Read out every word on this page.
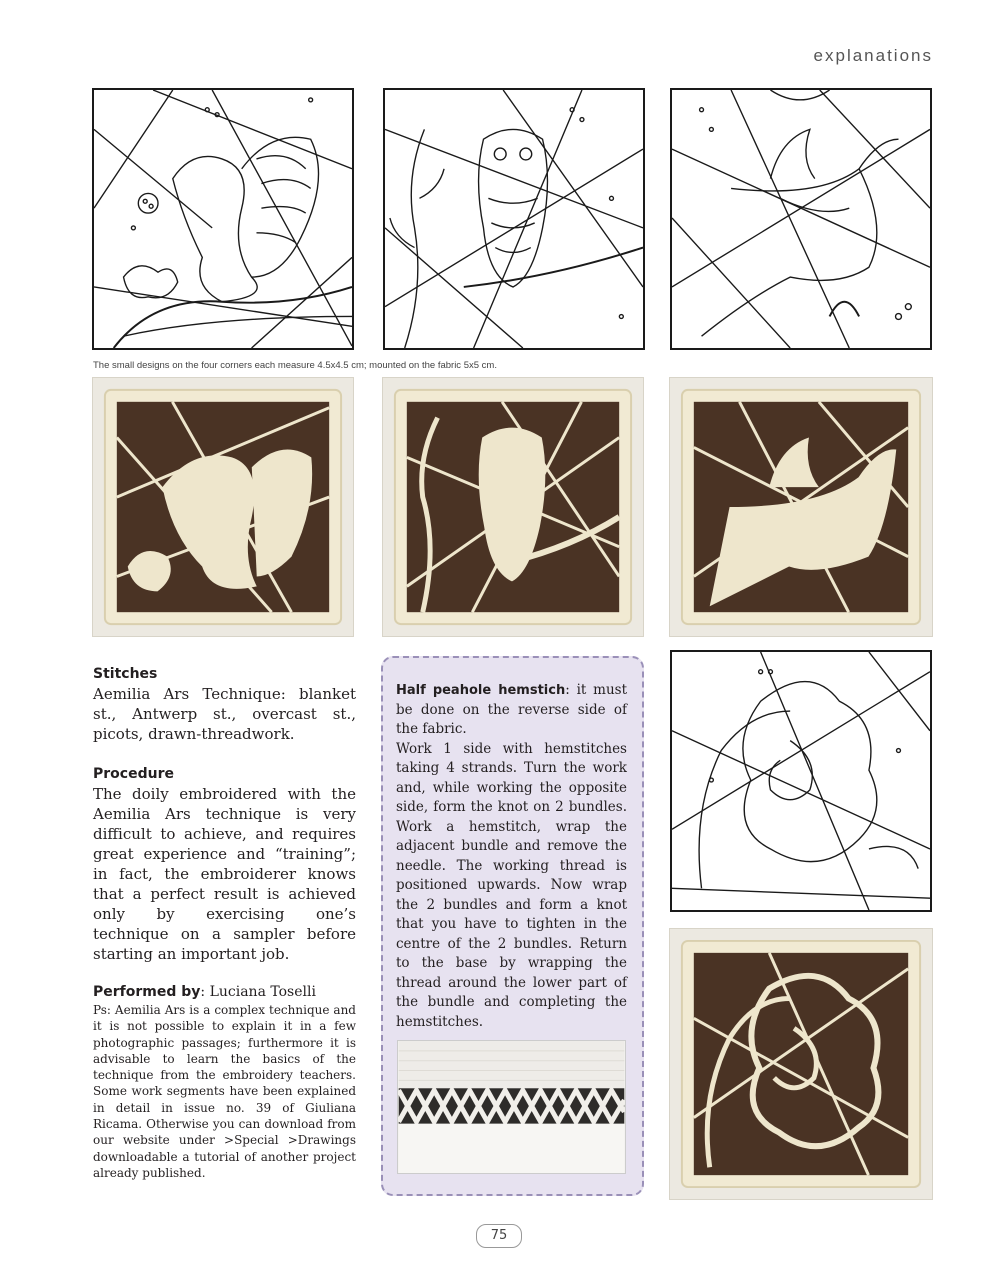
explanations
The small designs on the four corners each measure 4.5x4.5 cm; mounted on the fabric 5x5 cm.
Stitches

Aemilia Ars Technique: blanket st., Antwerp st., overcast st., picots, drawn-threadwork.

Procedure

The doily embroidered with the Aemilia Ars technique is very difficult to achieve, and requires great experience and “training”; in fact, the embroiderer knows that a perfect result is achieved only by exercising one’s technique on a sampler before starting an important job.

Performed by: Luciana Toselli

Ps: Aemilia Ars is a complex technique and it is not possible to explain it in a few photographic passages; furthermore it is advisable to learn the basics of the technique from the embroidery teachers. Some work segments have been explained in detail in issue no. 39 of Giuliana Ricama. Otherwise you can download from our website under >Special >Drawings downloadable a tutorial of another project already published.

Half peahole hemstich: it must be done on the reverse side of the fabric.

Work 1 side with hemstitches taking 4 strands. Turn the work and, while working the opposite side, form the knot on 2 bundles. Work a hemstitch, wrap the adjacent bundle and remove the needle. The working thread is positioned upwards. Now wrap the 2 bundles and form a knot that you have to tighten in the centre of the 2 bundles. Return to the base by wrapping the thread around the lower part of the bundle and completing the hemstitches.

75
